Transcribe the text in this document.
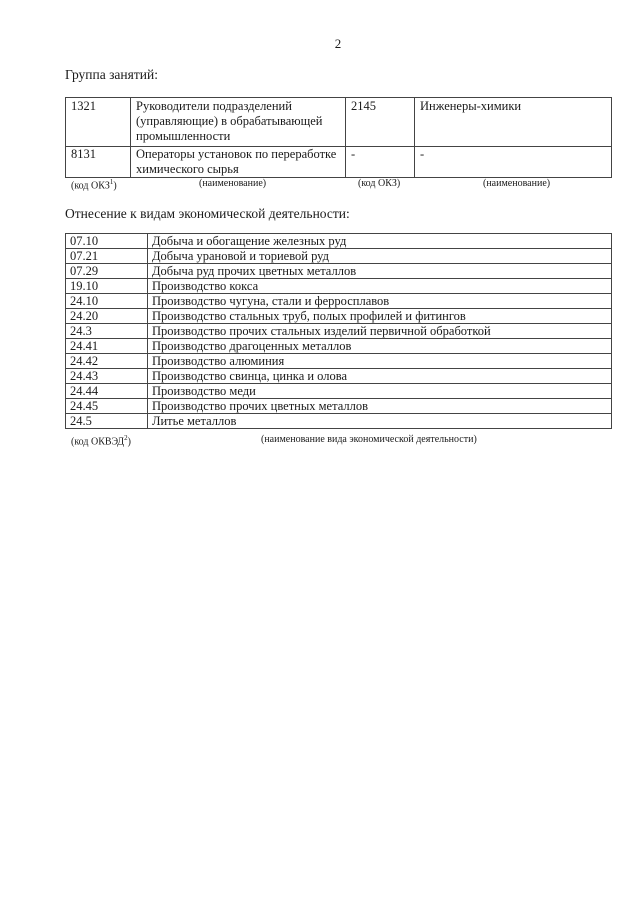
2
Группа занятий:
1321	Руководители подразделений (управляющие) в обрабатывающей промышленности	2145	Инженеры-химики
8131	Операторы установок по переработке химического сырья	-	-
(код ОКЗ$^1$)	(наименование)	(код ОКЗ)	(наименование)
Отнесение к видам экономической деятельности:
07.10	Добыча и обогащение железных руд
07.21	Добыча урановой и ториевой руд
07.29	Добыча руд прочих цветных металлов
19.10	Производство кокса
24.10	Производство чугуна, стали и ферросплавов
24.20	Производство стальных труб, полых профилей и фитингов
24.3	Производство прочих стальных изделий первичной обработкой
24.41	Производство драгоценных металлов
24.42	Производство алюминия
24.43	Производство свинца, цинка и олова
24.44	Производство меди
24.45	Производство прочих цветных металлов
24.5	Литье металлов
(код ОКВЭД$^2$)	(наименование вида экономической деятельности)
